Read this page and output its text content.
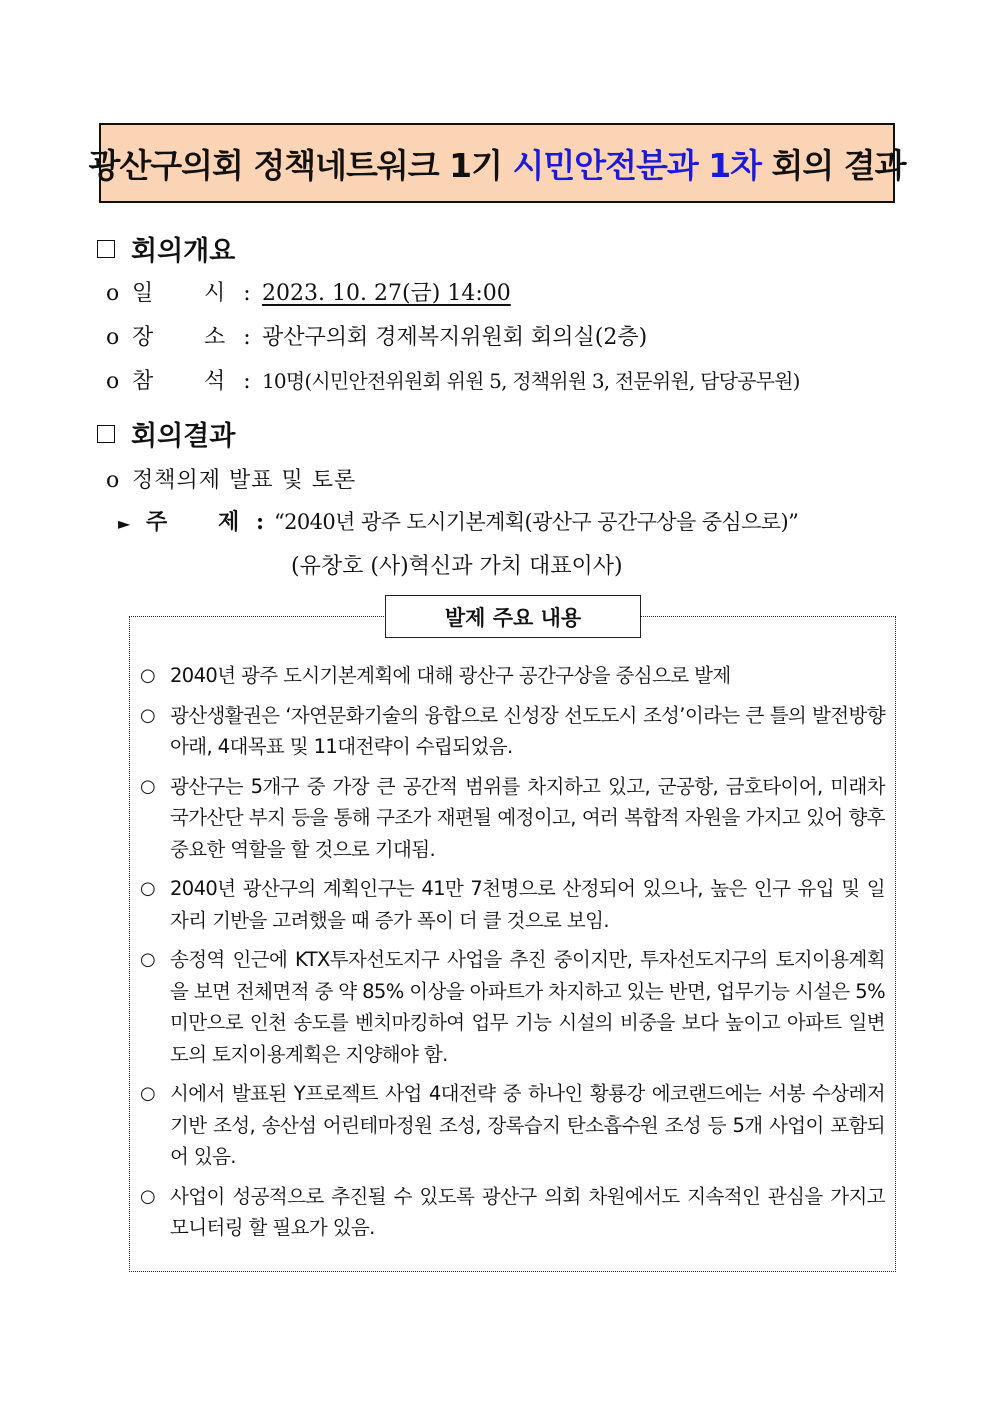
광산구의회 정책네트워크 1기 시민안전분과 1차 회의 결과
회의개요
o 일	시 : 2023. 10. 27(금) 14:00
o 장	소 : 광산구의회 경제복지위원회 회의실(2층)
o 참	석 : 10명(시민안전위원회 위원 5, 정책위원 3, 전문위원, 담당공무원)
회의결과
o 정책의제 발표 및 토론
► 주 제 : “2040년 광주 도시기본계획(광산구 공간구상을 중심으로)”
(유창호 (사)혁신과 가치 대표이사)
발제 주요 내용
○ 2040년 광주 도시기본계획에 대해 광산구 공간구상을 중심으로 발제
○ 광산생활권은 ‘자연문화기술의 융합으로 신성장 선도도시 조성’이라는 큰 틀의 발전방향 아래, 4대목표 및 11대전략이 수립되었음.
○ 광산구는 5개구 중 가장 큰 공간적 범위를 차지하고 있고, 군공항, 금호타이어, 미래차 국가산단 부지 등을 통해 구조가 재편될 예정이고, 여러 복합적 자원을 가지고 있어 향후 중요한 역할을 할 것으로 기대됨.
○ 2040년 광산구의 계획인구는 41만 7천명으로 산정되어 있으나, 높은 인구 유입 및 일자리 기반을 고려했을 때 증가 폭이 더 클 것으로 보임.
○ 송정역 인근에 KTX투자선도지구 사업을 추진 중이지만, 투자선도지구의 토지이용계획을 보면 전체면적 중 약 85% 이상을 아파트가 차지하고 있는 반면, 업무기능 시설은 5% 미만으로 인천 송도를 벤치마킹하여 업무 기능 시설의 비중을 보다 높이고 아파트 일변도의 토지이용계획은 지양해야 함.
○ 시에서 발표된 Y프로젝트 사업 4대전략 중 하나인 황룡강 에코랜드에는 서봉 수상레저기반 조성, 송산섬 어린테마정원 조성, 장록습지 탄소흡수원 조성 등 5개 사업이 포함되어 있음.
○ 사업이 성공적으로 추진될 수 있도록 광산구 의회 차원에서도 지속적인 관심을 가지고 모니터링 할 필요가 있음.
